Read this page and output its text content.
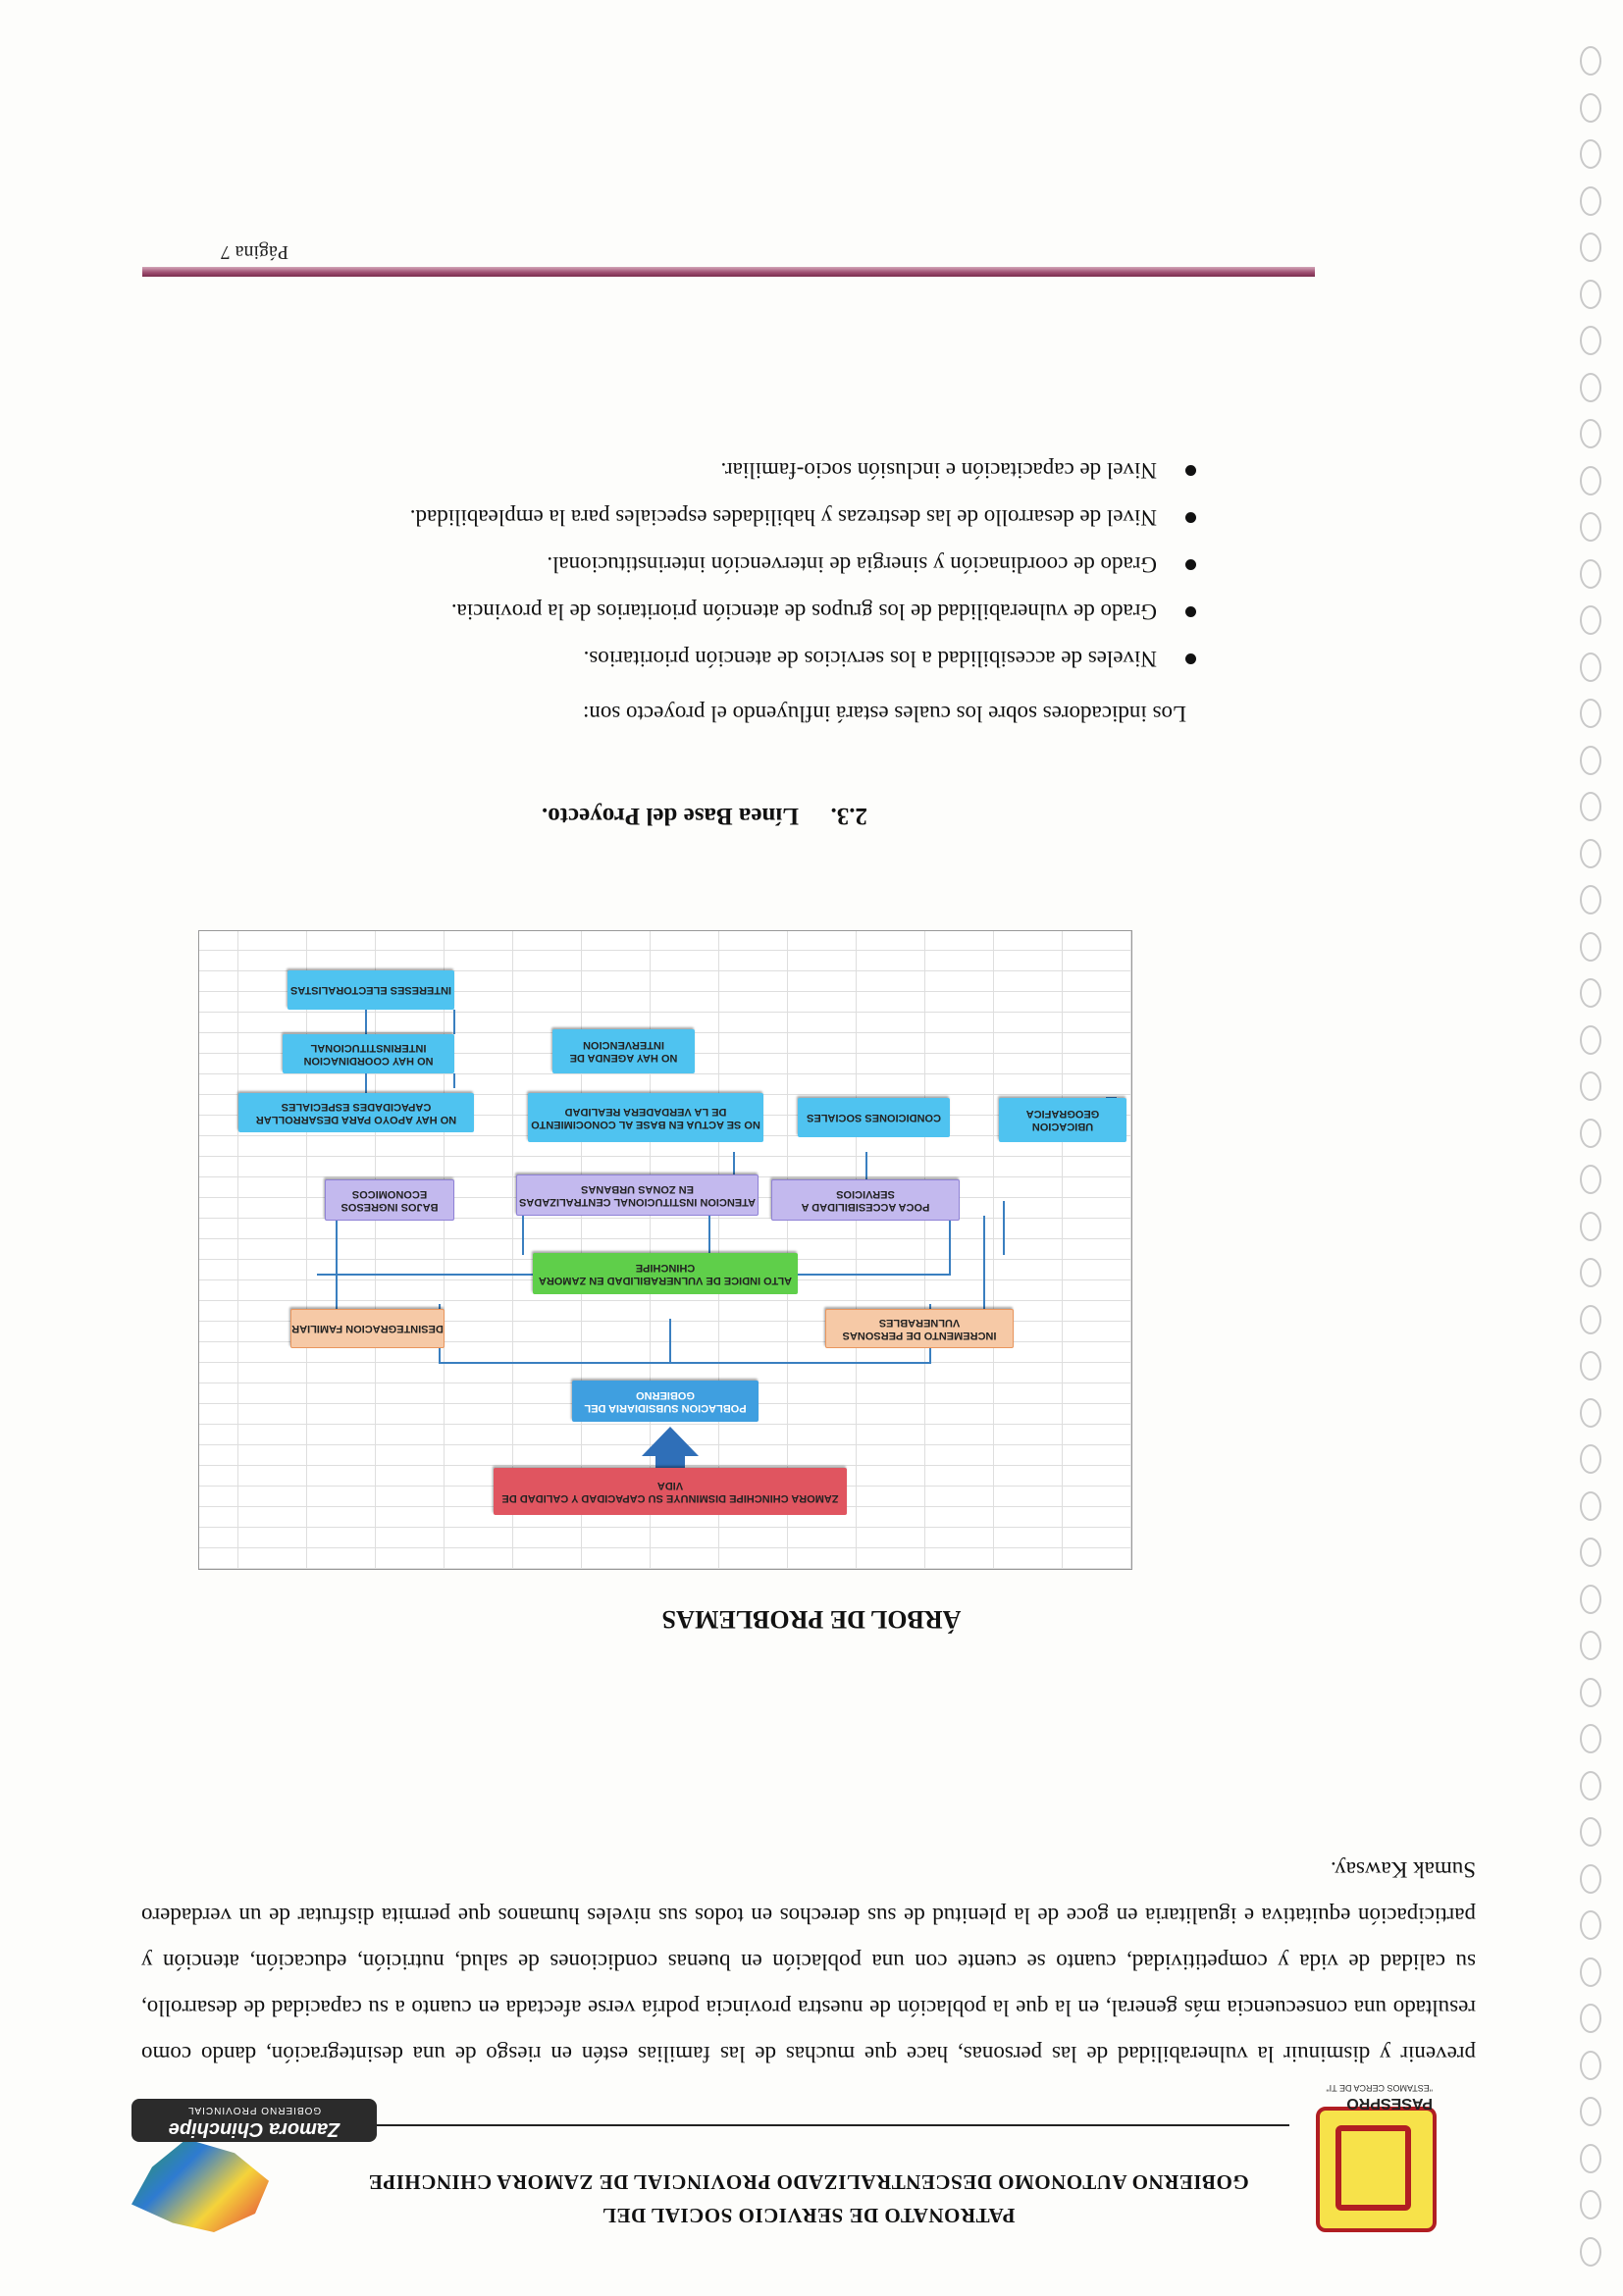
PASESPRO
"ESTAMOS CERCA DE TI"
PATRONATO DE SERVICIO SOCIAL DEL
GOBIERNO AUTONOMO DESCENTRALIZADO PROVINCIAL DE ZAMORA CHINCHIPE
Zamora Chinchipe
GOBIERNO PROVINCIAL

prevenir y disminuir la vulnerabilidad de las personas, hace que muchas de las familias estén en riesgo de una desintegración, dando como resultado una consecuencia más general, en la que la población de nuestra provincia podría verse afectada en cuanto a su capacidad de desarrollo, su calidad de vida y competitividad, cuanto se cuente con una población en buenas condiciones de salud, nutrición, educación, atención y participación equitativa e igualitaria en goce de la plenitud de sus derechos en todos sus niveles humanos que permita disfrutar de un verdadero Sumak Kawsay.

ÁRBOL DE PROBLEMAS
ZAMORA CHINCHIPE DISMINUYE SU CAPACIDAD Y CALIDAD DE VIDA
POBLACION SUBSIDIARIA DEL GOBIERNO
INCREMENTO DE PERSONAS VULNERABLES
DESINTEGRACION FAMILIAR
ALTO INDICE DE VULNERABILIDAD EN ZAMORA CHINCHIPE
POCA ACCESIBILIDAD A SERVICIOS
ATENCION INSTITUCIONAL CENTRALIZADAS EN ZONAS URBANAS
BAJOS INGRESOS ECONOMICOS
UBICACION GEOGRAFICA
CONDICIONES SOCIALES
NO SE ACTUA EN BASE AL CONOCIMIENTO DE LA VERDADERA REALIDAD
NO HAY APOYO PARA DESARROLLAR CAPACIDADES ESPECIALES
NO HAY AGENDA DE INTERVENCION
NO HAY COORDINACION INTERINSTITUCIONAL
INTERESES ELECTORALISTAS
2.3.Línea Base del Proyecto.
Los indicadores sobre los cuales estará influyendo el proyecto son:
Niveles de accesibilidad a los servicios de atención prioritarios.
Grado de vulnerabilidad de los grupos de atención prioritarios de la provincia.
Grado de coordinación y sinergia de intervención interinstitucional.
Nivel de desarrollo de las destrezas y habilidades especiales para la empleabilidad.
Nivel de capacitación e inclusión socio-familiar.
Página 7
